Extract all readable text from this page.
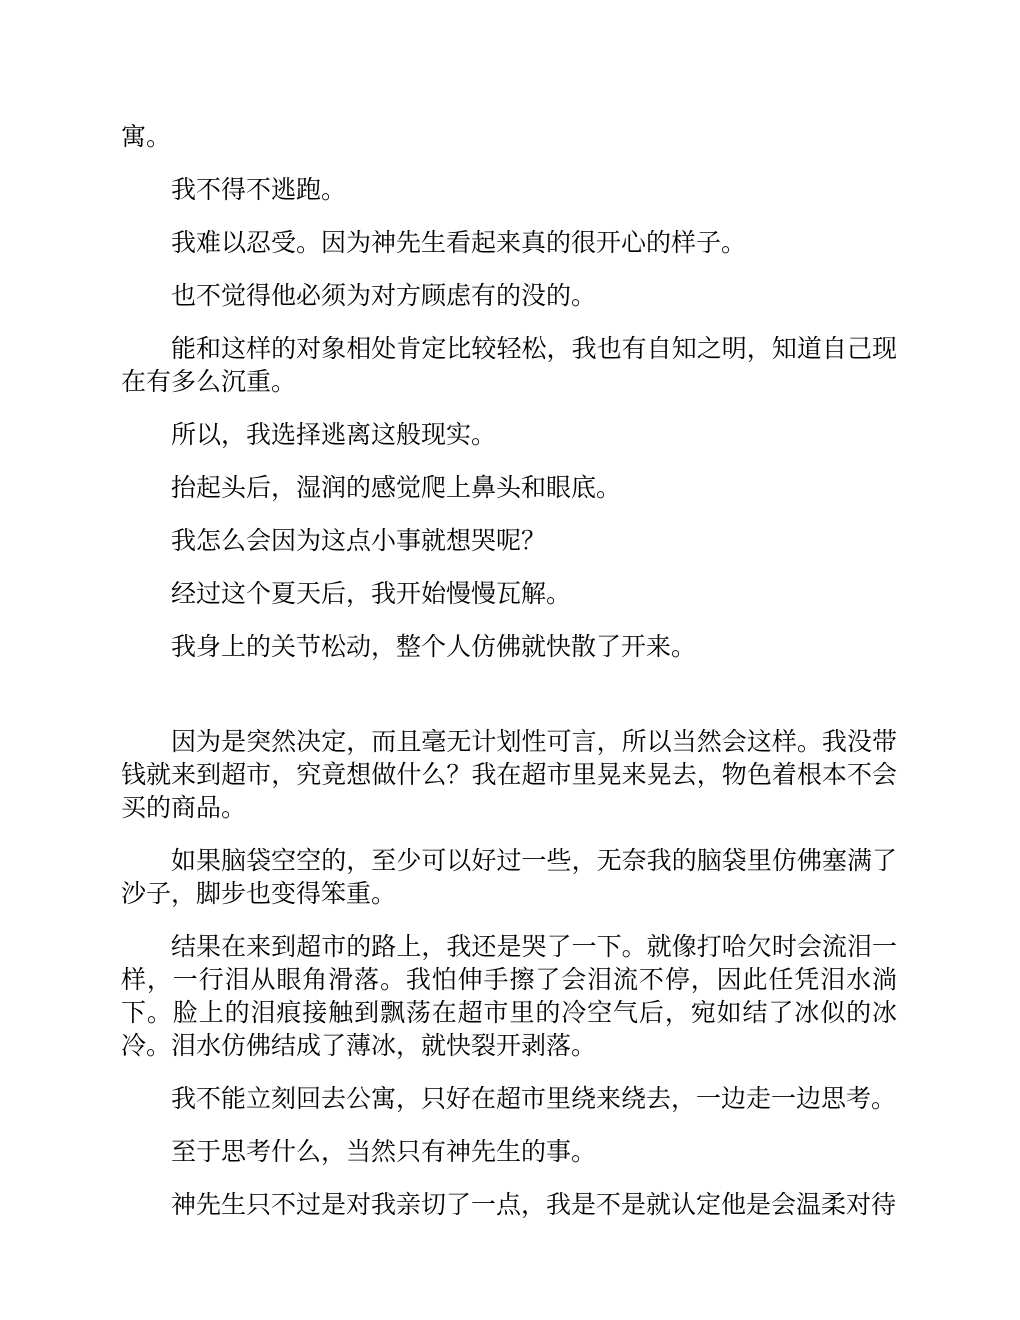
寓。

我不得不逃跑。

我难以忍受。因为神先生看起来真的很开心的样子。

也不觉得他必须为对方顾虑有的没的。

能和这样的对象相处肯定比较轻松，我也有自知之明，知道自己现在有多么沉重。

所以，我选择逃离这般现实。

抬起头后，湿润的感觉爬上鼻头和眼底。

我怎么会因为这点小事就想哭呢？

经过这个夏天后，我开始慢慢瓦解。

我身上的关节松动，整个人仿佛就快散了开来。

因为是突然决定，而且毫无计划性可言，所以当然会这样。我没带钱就来到超市，究竟想做什么？我在超市里晃来晃去，物色着根本不会买的商品。

如果脑袋空空的，至少可以好过一些，无奈我的脑袋里仿佛塞满了沙子，脚步也变得笨重。

结果在来到超市的路上，我还是哭了一下。就像打哈欠时会流泪一样，一行泪从眼角滑落。我怕伸手擦了会泪流不停，因此任凭泪水淌下。脸上的泪痕接触到飘荡在超市里的冷空气后，宛如结了冰似的冰冷。泪水仿佛结成了薄冰，就快裂开剥落。

我不能立刻回去公寓，只好在超市里绕来绕去，一边走一边思考。

至于思考什么，当然只有神先生的事。

神先生只不过是对我亲切了一点，我是不是就认定他是会温柔对待
